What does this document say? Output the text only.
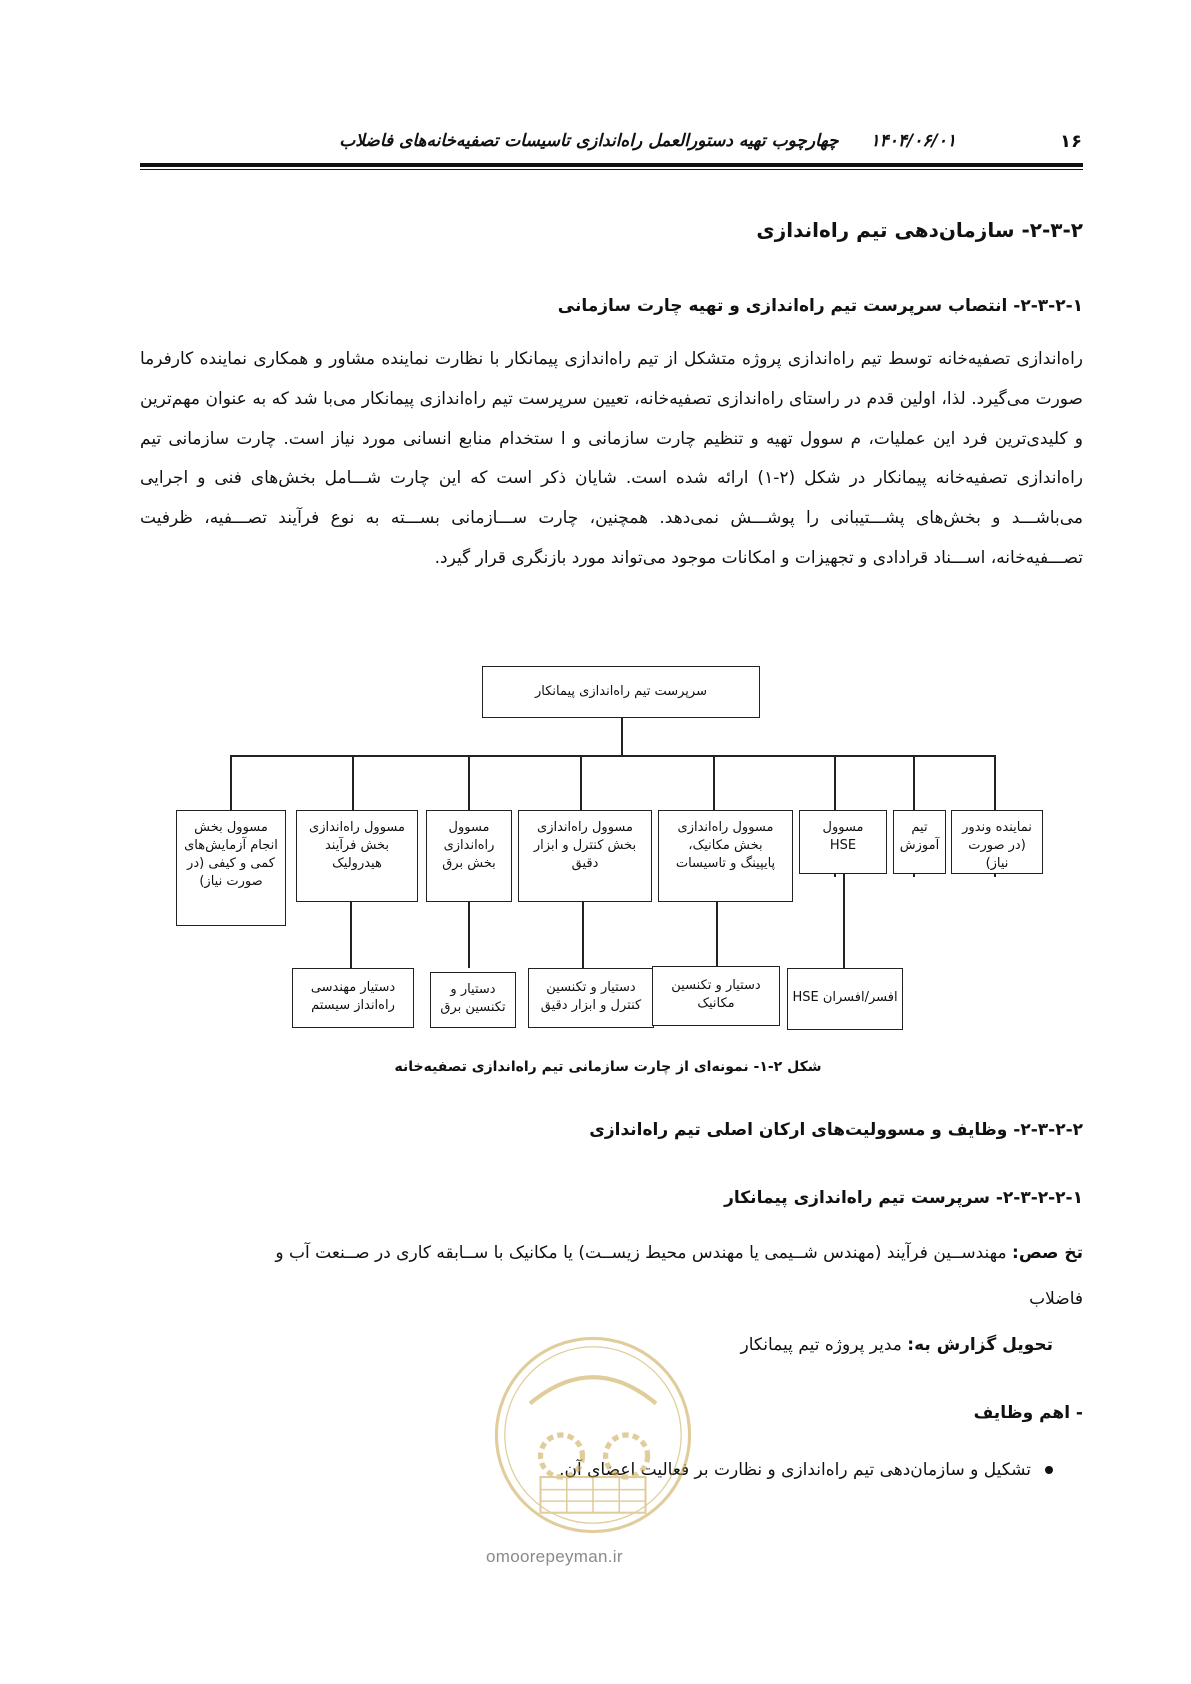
۱۴۰۴/۰۶/۰۱ چهارچوب تهیه دستورالعمل راه‌اندازی تاسیسات تصفیه‌خانه‌های فاضلاب	۱۶
۲-۳-۲- سازمان‌دهی تیم راه‌اندازی
۲-۳-۲-۱- انتصاب سرپرست تیم راه‌اندازی و تهیه چارت سازمانی
راه‌اندازی تصفیه‌خانه توسط تیم راه‌اندازی پروژه متشکل از تیم راه‌اندازی پیمانکار با نظارت نماینده مشاور و همکاری نماینده کارفرما صورت می‌گیرد. لذا، اولین قدم در راستای راه‌اندازی تصفیه‌خانه، تعیین سرپرست تیم راه‌اندازی پیمانکار می‌با شد که به عنوان مهم‌ترین و کلیدی‌ترین فرد این عملیات، م سوول تهیه و تنظیم چارت سازمانی و ا ستخدام منابع انسانی مورد نیاز است. چارت سازمانی تیم راه‌اندازی تصفیه‌خانه پیمانکار در شکل (۲-۱) ارائه شده است. شایان ذکر است که این چارت شـــامل بخش‌های فنی و اجرایی می‌باشـــد و بخش‌های پشـــتیبانی را پوشـــش نمی‌دهد. همچنین، چارت ســـازمانی بســـته به نوع فرآیند تصـــفیه، ظرفیت تصـــفیه‌خانه، اســـناد قرادادی و تجهیزات و امکانات موجود می‌تواند مورد بازنگری قرار گیرد.
سرپرست تیم راه‌اندازی پیمانکار
مسوول بخش
انجام آزمایش‌های
کمی و کیفی (در
صورت نیاز)
مسوول راه‌اندازی
بخش فرآیند
هیدرولیک
مسوول
راه‌اندازی
بخش برق
مسوول راه‌اندازی
بخش کنترل و ابزار
دقیق
مسوول راه‌اندازی
بخش مکانیک،
پایپینگ و تاسیسات
مسوول
HSE
تیم
آموزش
نماینده وندور
(در صورت نیاز)
دستیار مهندسی
راه‌انداز سیستم
دستیار و
تکنسین برق
دستیار و تکنسین
کنترل و ابزار دقیق
دستیار و تکنسین
مکانیک	افسر/افسران HSE
شکل ۲-۱- نمونه‌ای از چارت سازمانی تیم راه‌اندازی تصفیه‌خانه
۲-۳-۲-۲- وظایف و مسوولیت‌های ارکان اصلی تیم راه‌اندازی
۲-۳-۲-۲-۱- سرپرست تیم راه‌اندازی پیمانکار
تخ صص: مهندســین فرآیند (مهندس شــیمی یا مهندس محیط زیســت) یا مکانیک با ســابقه کاری در صــنعت آب و
فاضلاب
تحویل گزارش به: مدیر پروژه تیم پیمانکار
- اهم وظایف
تشکیل و سازمان‌دهی تیم راه‌اندازی و نظارت بر فعالیت اعضای آن.
omoorepeyman.ir
